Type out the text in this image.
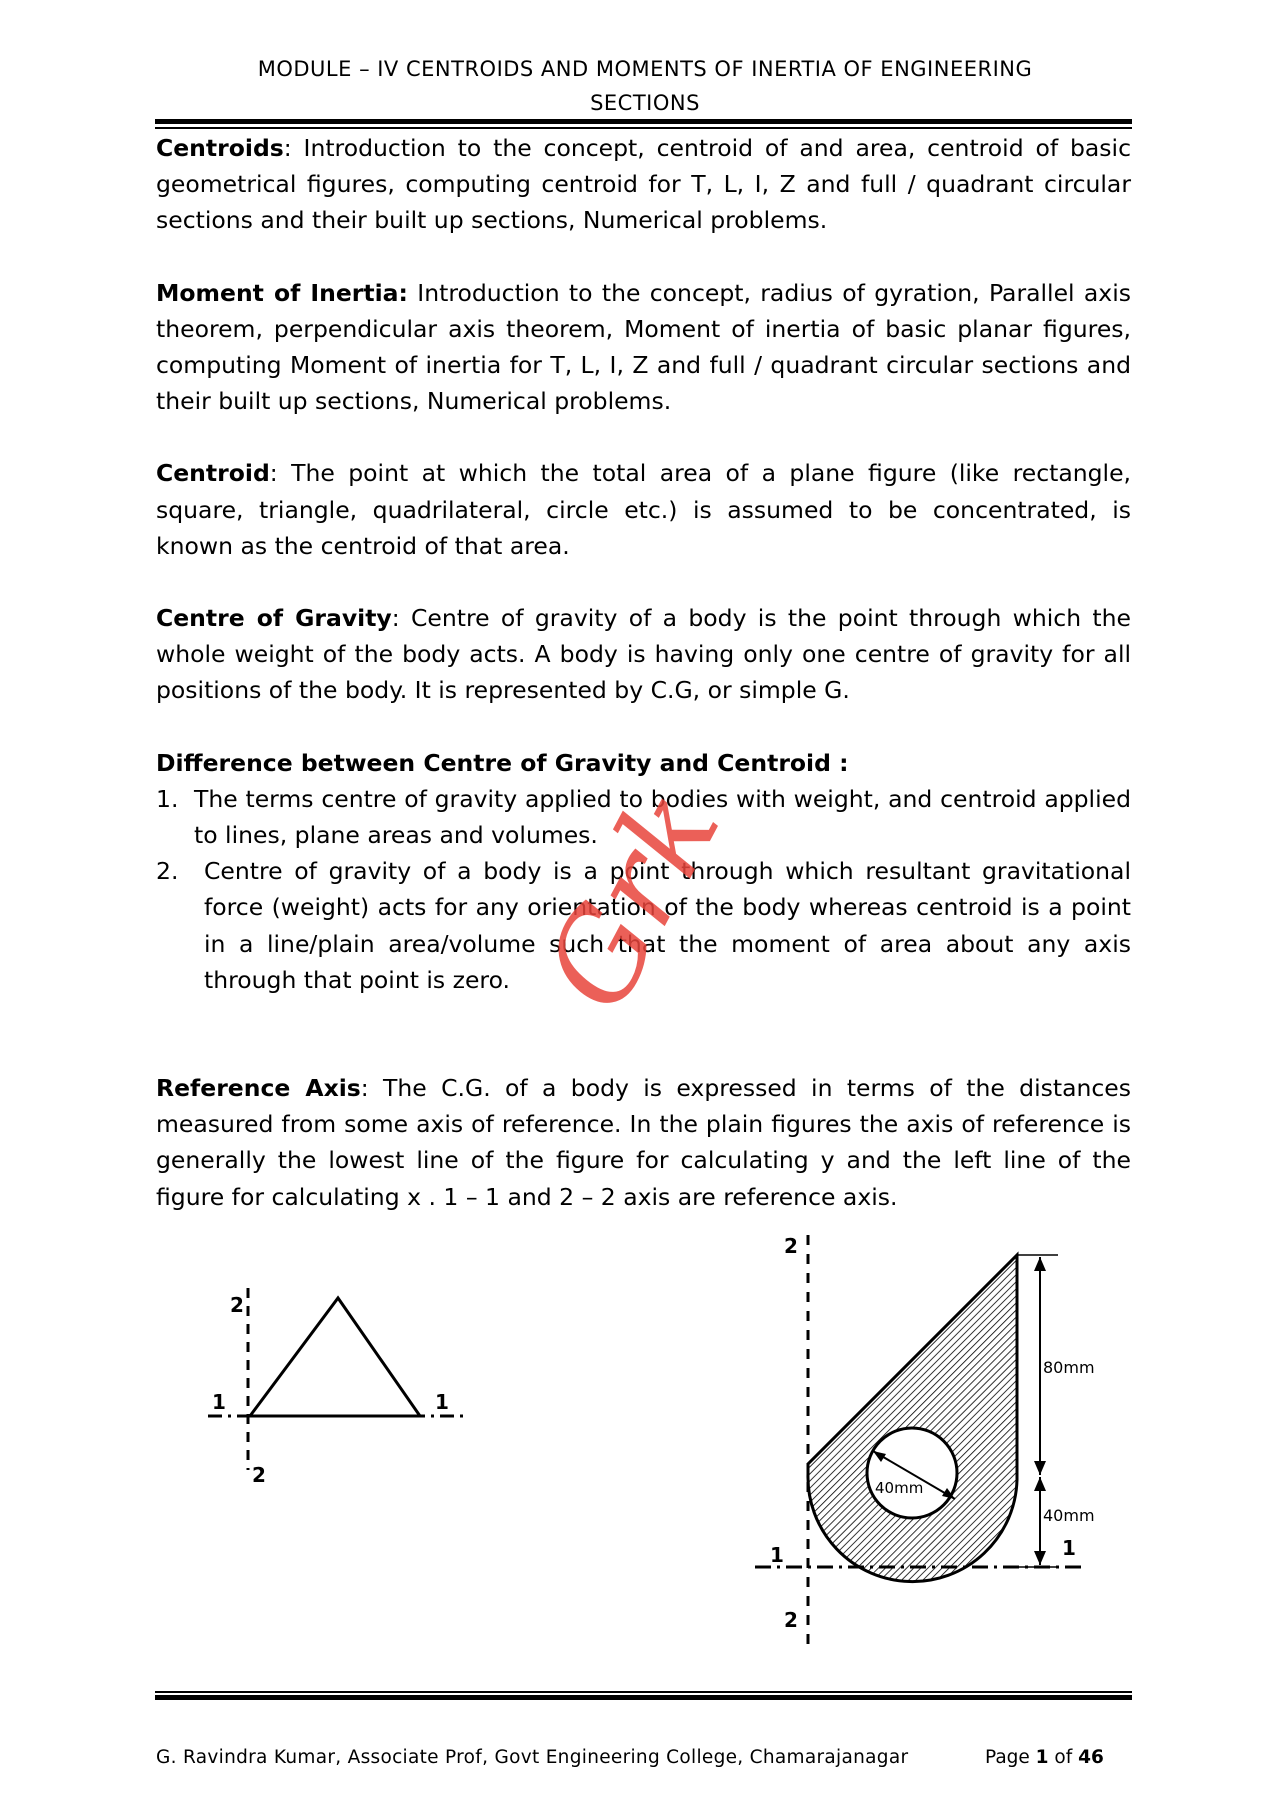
MODULE – IV CENTROIDS AND MOMENTS OF INERTIA OF ENGINEERING
SECTIONS

Centroids: Introduction to the concept, centroid of and area, centroid of basic geometrical figures, computing centroid for T, L, I, Z and full / quadrant circular sections and their built up sections, Numerical problems.

Moment of Inertia: Introduction to the concept, radius of gyration, Parallel axis theorem, perpendicular axis theorem, Moment of inertia of basic planar figures, computing Moment of inertia for T, L, I, Z and full / quadrant circular sections and their built up sections, Numerical problems.

Centroid: The point at which the total area of a plane figure (like rectangle, square, triangle, quadrilateral, circle etc.) is assumed to be concentrated, is known as the centroid of that area.

Centre of Gravity: Centre of gravity of a body is the point through which the whole weight of the body acts. A body is having only one centre of gravity for all positions of the body. It is represented by C.G, or simple G.

Difference between Centre of Gravity and Centroid :

1. The terms centre of gravity applied to bodies with weight, and centroid applied to lines, plane areas and volumes.
2. Centre of gravity of a body is a point through which resultant gravitational force (weight) acts for any orientation of the body whereas centroid is a point in a line/plain area/volume such that the moment of area about any axis through that point is zero.

Reference Axis: The C.G. of a body is expressed in terms of the distances measured from some axis of reference. In the plain figures the axis of reference is generally the lowest line of the figure for calculating y and the left line of the figure for calculating x . 1 – 1 and 2 – 2 axis are reference axis.

Grk
2
1	1
2
40mm
80mm
40mm
2
1	1
2
G. Ravindra Kumar, Associate Prof, Govt Engineering College, Chamarajanagar	Page 1 of 46
